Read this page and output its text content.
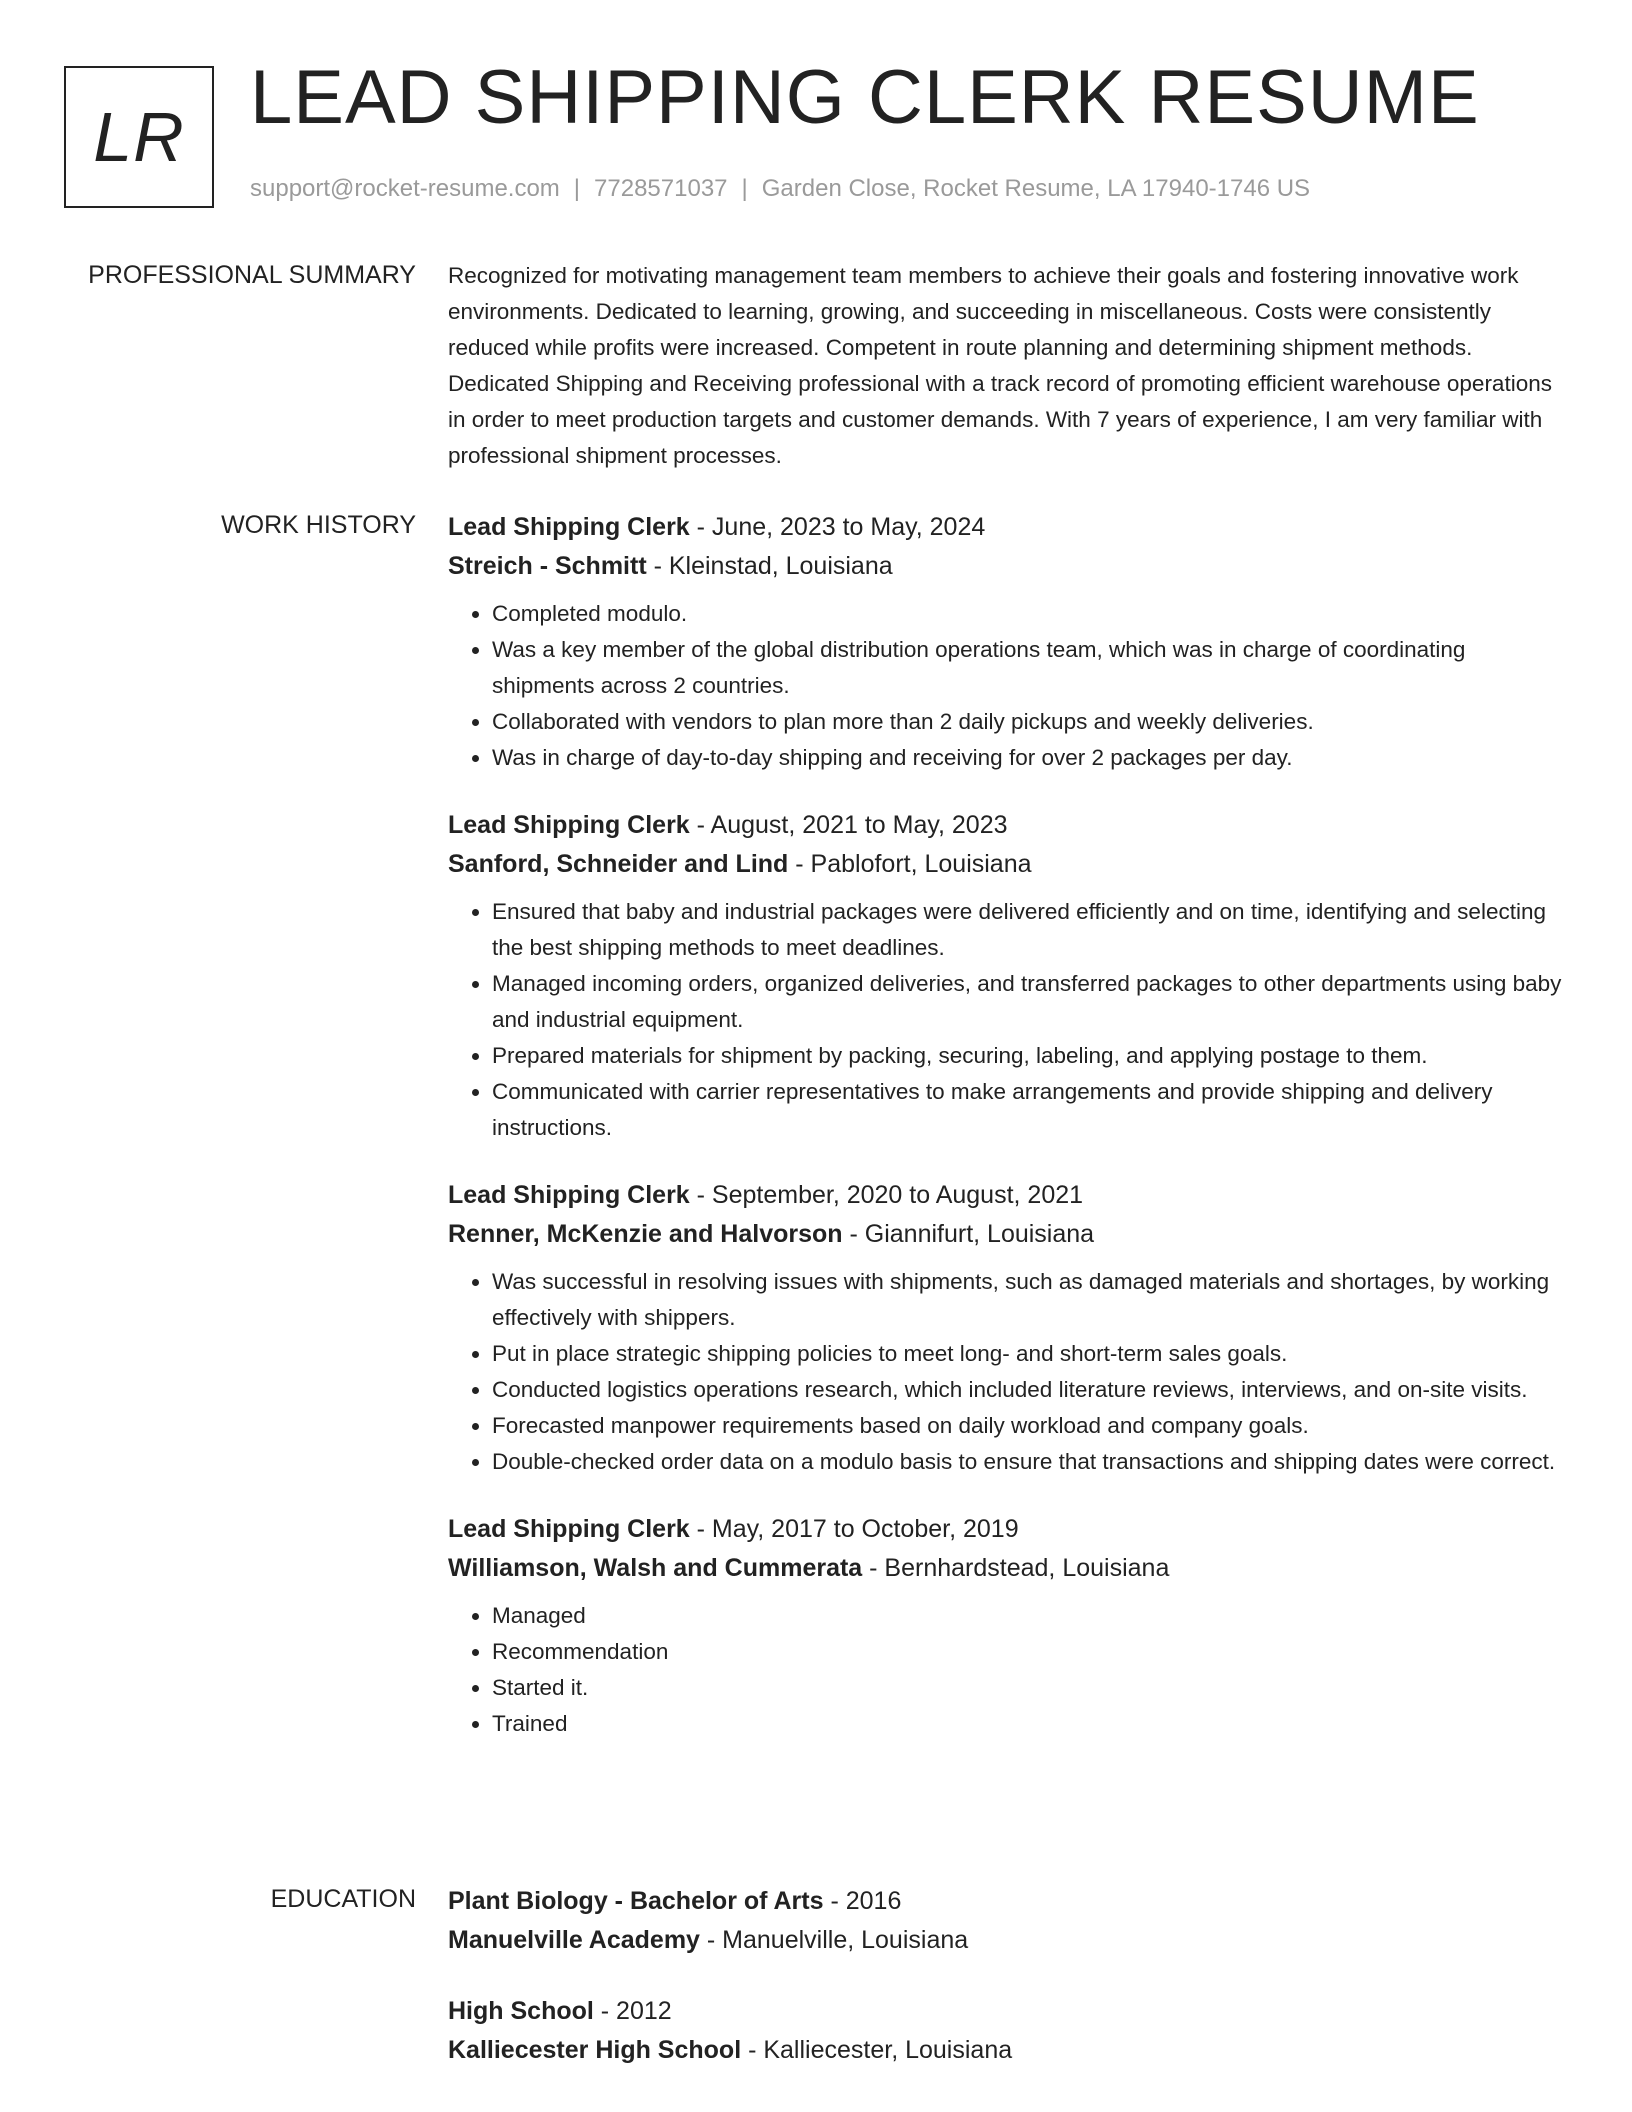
LR LEAD SHIPPING CLERK RESUME
support@rocket-resume.com | 7728571037 | Garden Close, Rocket Resume, LA 17940-1746 US
PROFESSIONAL SUMMARY Recognized for motivating management team members to achieve their goals and fostering innovative work environments. Dedicated to learning, growing, and succeeding in miscellaneous. Costs were consistently reduced while profits were increased. Competent in route planning and determining shipment methods. Dedicated Shipping and Receiving professional with a track record of promoting efficient warehouse operations in order to meet production targets and customer demands. With 7 years of experience, I am very familiar with professional shipment processes.
WORK HISTORY Lead Shipping Clerk - June, 2023 to May, 2024
Streich - Schmitt - Kleinstad, Louisiana
• Completed modulo.
• Was a key member of the global distribution operations team, which was in charge of coordinating shipments across 2 countries.
• Collaborated with vendors to plan more than 2 daily pickups and weekly deliveries.
• Was in charge of day-to-day shipping and receiving for over 2 packages per day.
Lead Shipping Clerk - August, 2021 to May, 2023
Sanford, Schneider and Lind - Pablofort, Louisiana
• Ensured that baby and industrial packages were delivered efficiently and on time, identifying and selecting the best shipping methods to meet deadlines.
• Managed incoming orders, organized deliveries, and transferred packages to other departments using baby and industrial equipment.
• Prepared materials for shipment by packing, securing, labeling, and applying postage to them.
• Communicated with carrier representatives to make arrangements and provide shipping and delivery instructions.
Lead Shipping Clerk - September, 2020 to August, 2021
Renner, McKenzie and Halvorson - Giannifurt, Louisiana
• Was successful in resolving issues with shipments, such as damaged materials and shortages, by working effectively with shippers.
• Put in place strategic shipping policies to meet long- and short-term sales goals.
• Conducted logistics operations research, which included literature reviews, interviews, and on-site visits.
• Forecasted manpower requirements based on daily workload and company goals.
• Double-checked order data on a modulo basis to ensure that transactions and shipping dates were correct.
Lead Shipping Clerk - May, 2017 to October, 2019
Williamson, Walsh and Cummerata - Bernhardstead, Louisiana
• Managed
• Recommendation
• Started it.
• Trained
EDUCATION Plant Biology - Bachelor of Arts - 2016
Manuelville Academy - Manuelville, Louisiana
High School - 2012
Kalliecester High School - Kalliecester, Louisiana
